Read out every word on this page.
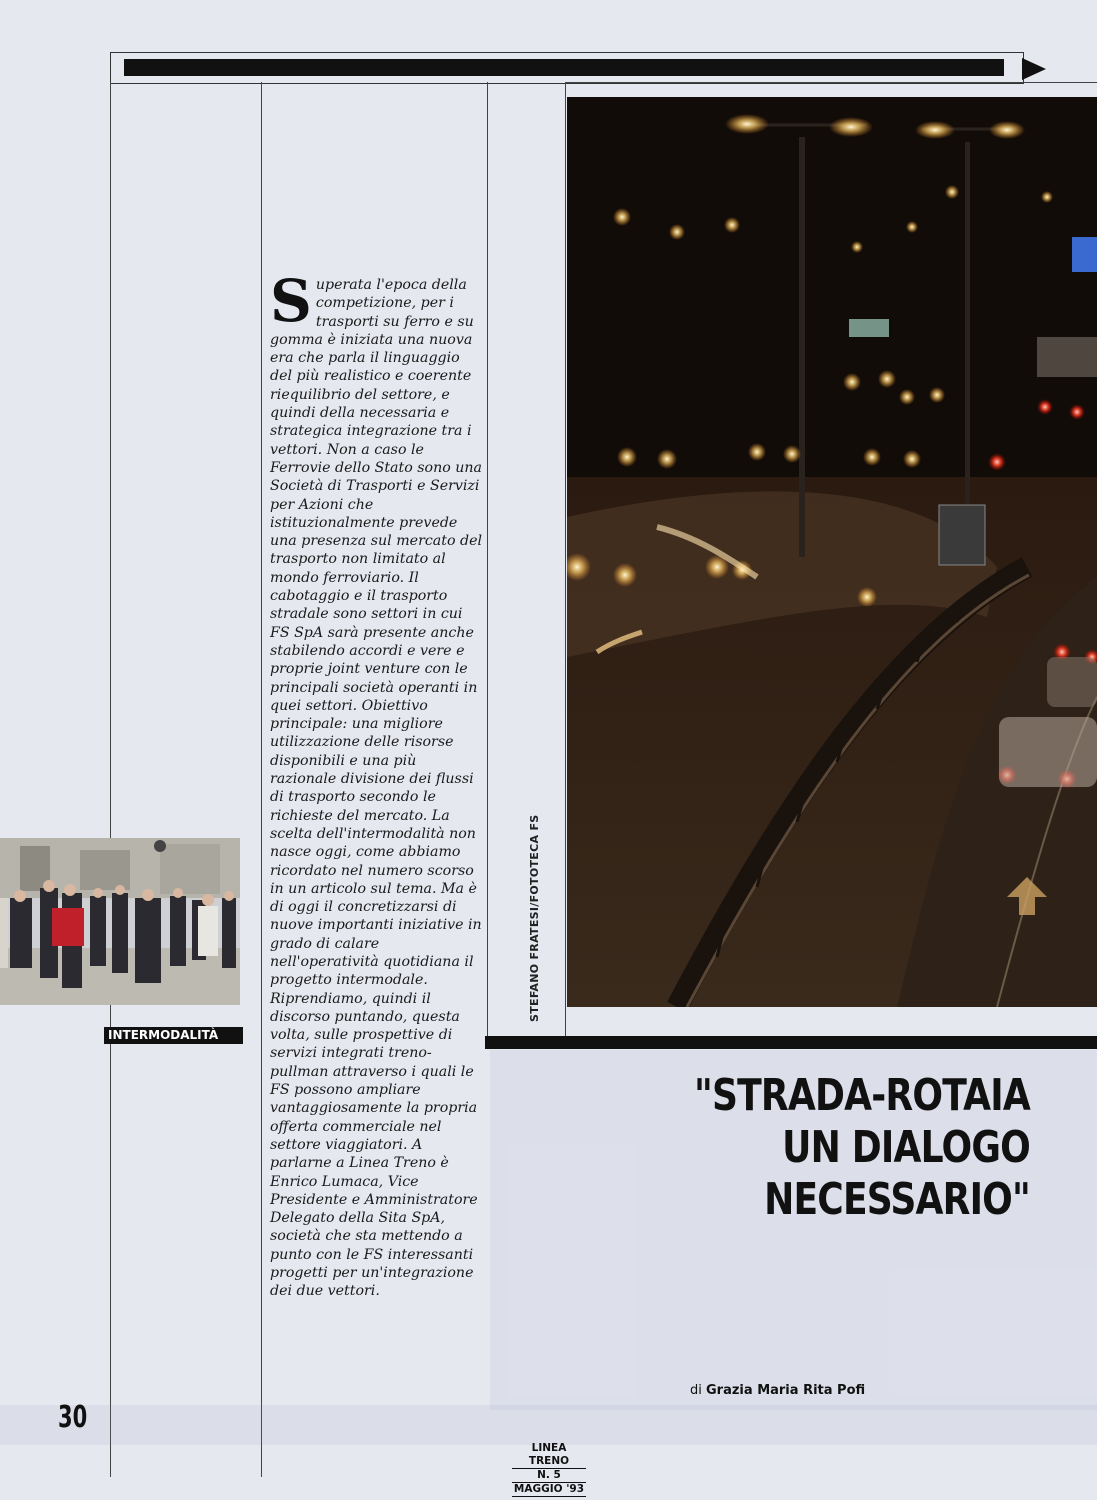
STEFANO FRATESI/FOTOTECA FS
S uperata l'epoca della competizione, per i trasporti su ferro e su gomma è iniziata una nuova era che parla il linguaggio del più realistico e coerente riequilibrio del settore, e quindi della necessaria e strategica integrazione tra i vettori. Non a caso le Ferrovie dello Stato sono una Società di Trasporti e Servizi per Azioni che istituzionalmente prevede una presenza sul mercato del trasporto non limitato al mondo ferroviario. Il cabotaggio e il trasporto stradale sono settori in cui FS SpA sarà presente anche stabilendo accordi e vere e proprie joint venture con le principali società operanti in quei settori. Obiettivo principale: una migliore utilizzazione delle risorse disponibili e una più razionale divisione dei flussi di trasporto secondo le richieste del mercato. La scelta dell'intermodalità non nasce oggi, come abbiamo ricordato nel numero scorso in un articolo sul tema. Ma è di oggi il concretizzarsi di nuove importanti iniziative in grado di calare nell'operatività quotidiana il progetto intermodale. Riprendiamo, quindi il discorso puntando, questa volta, sulle prospettive di servizi integrati treno-pullman attraverso i quali le FS possono ampliare vantaggiosamente la propria offerta commerciale nel settore viaggiatori. A parlarne a Linea Treno è Enrico Lumaca, Vice Presidente e Amministratore Delegato della Sita SpA, società che sta mettendo a punto con le FS interessanti progetti per un'integrazione dei due vettori.

INTERMODALITÀ
"STRADA-ROTAIA
UN DIALOGO
NECESSARIO"
di Grazia Maria Rita Pofi
30
LINEA TRENO
N. 5
MAGGIO '93
